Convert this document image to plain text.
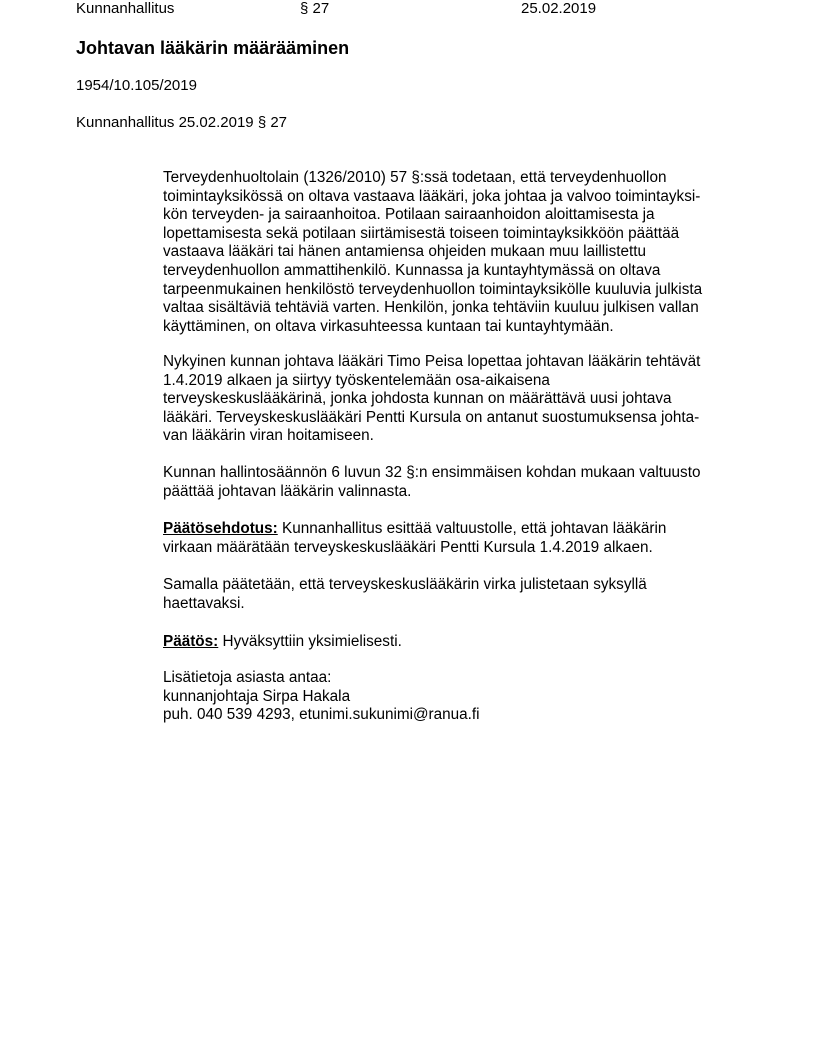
Kunnanhallitus	§ 27	25.02.2019
Johtavan lääkärin määrääminen
1954/10.105/2019
Kunnanhallitus 25.02.2019 § 27
Terveydenhuoltolain (1326/2010) 57 §:ssä todetaan, että terveydenhuollon
toimintayksikössä on oltava vastaava lääkäri, joka johtaa ja valvoo toimintayksi-
kön terveyden- ja sairaanhoitoa. Potilaan sairaanhoidon aloittamisesta ja
lopettamisesta sekä potilaan siirtämisestä toiseen toimintayksikköön päättää
vastaava lääkäri tai hänen antamiensa ohjeiden mukaan muu laillistettu
terveydenhuollon ammattihenkilö. Kunnassa ja kuntayhtymässä on oltava
tarpeenmukainen henkilöstö terveydenhuollon toimintayksikölle kuuluvia julkista
valtaa sisältäviä tehtäviä varten. Henkilön, jonka tehtäviin kuuluu julkisen vallan
käyttäminen, on oltava virkasuhteessa kuntaan tai kuntayhtymään.
Nykyinen kunnan johtava lääkäri Timo Peisa lopettaa johtavan lääkärin tehtävät
1.4.2019 alkaen ja siirtyy työskentelemään osa-aikaisena
terveyskeskuslääkärinä, jonka johdosta kunnan on määrättävä uusi johtava
lääkäri. Terveyskeskuslääkäri Pentti Kursula on antanut suostumuksensa johta-
van lääkärin viran hoitamiseen.
Kunnan hallintosäännön 6 luvun 32 §:n ensimmäisen kohdan mukaan valtuusto
päättää johtavan lääkärin valinnasta.
Päätösehdotus: Kunnanhallitus esittää valtuustolle, että johtavan lääkärin
virkaan määrätään terveyskeskuslääkäri Pentti Kursula 1.4.2019 alkaen.
Samalla päätetään, että terveyskeskuslääkärin virka julistetaan syksyllä
haettavaksi.
Päätös: Hyväksyttiin yksimielisesti.
Lisätietoja asiasta antaa:
kunnanjohtaja Sirpa Hakala
puh. 040 539 4293, etunimi.sukunimi@ranua.fi
